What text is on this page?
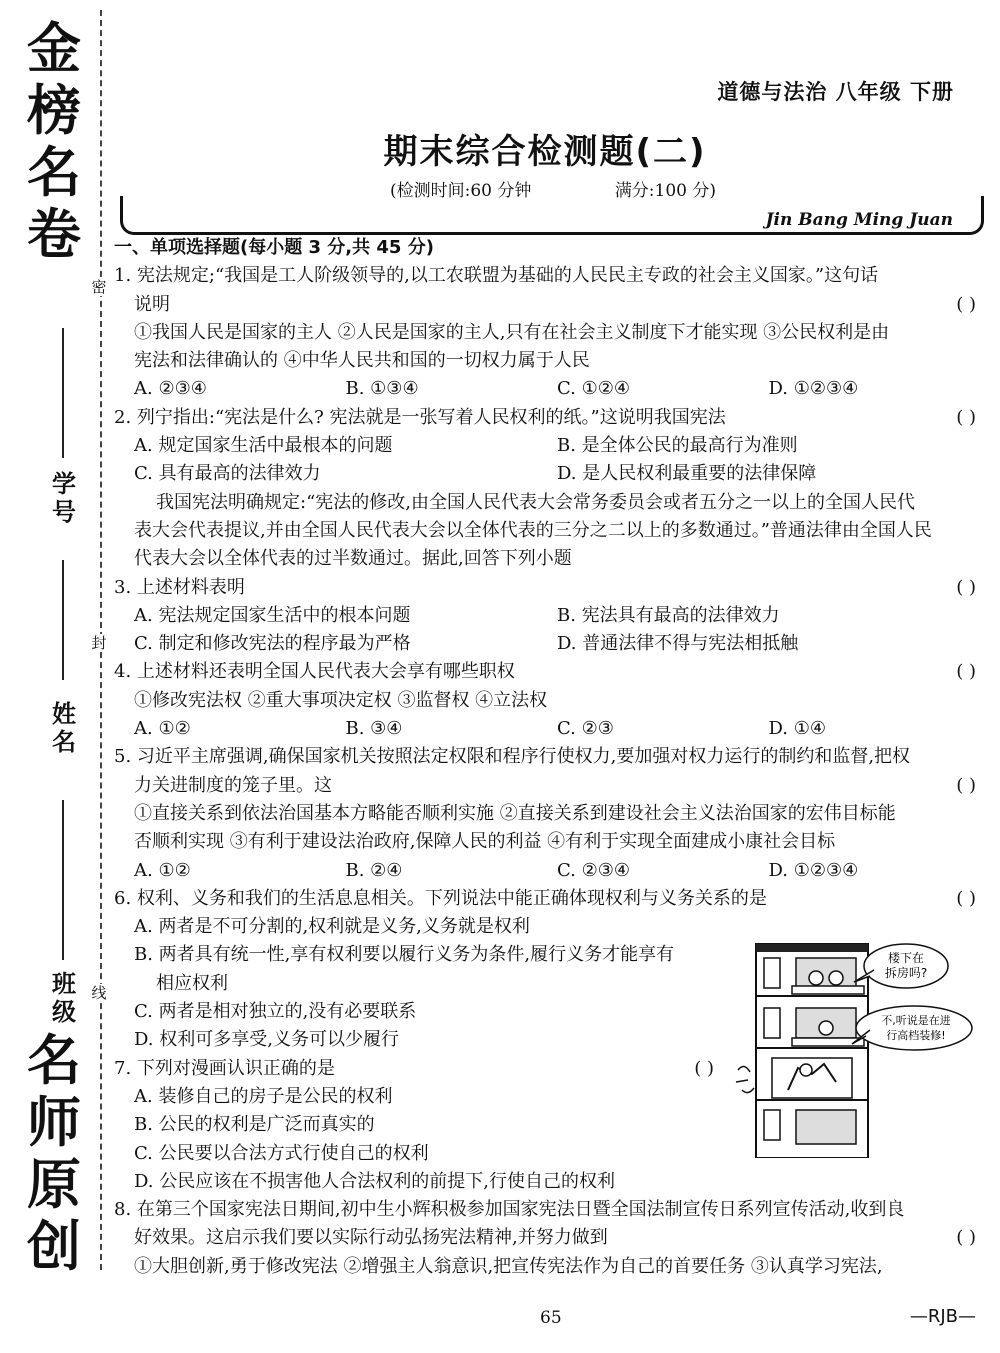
金
榜
名
卷
密
封
线
学
号
姓
名
班
级
名
师
原
创
道德与法治 八年级 下册
期末综合检测题(二)
(检测时间:60 分钟	满分:100 分)
Jin Bang Ming Juan
一、单项选择题(每小题 3 分,共 45 分)
1. 宪法规定;“我国是工人阶级领导的,以工农联盟为基础的人民民主专政的社会主义国家。”这句话
说明	( )
①我国人民是国家的主人 ②人民是国家的主人,只有在社会主义制度下才能实现 ③公民权利是由
宪法和法律确认的 ④中华人民共和国的一切权力属于人民
A. ②③④	B. ①③④	C. ①②④	D. ①②③④
2. 列宁指出:“宪法是什么? 宪法就是一张写着人民权利的纸。”这说明我国宪法	( )
A. 规定国家生活中最根本的问题	B. 是全体公民的最高行为准则
C. 具有最高的法律效力	D. 是人民权利最重要的法律保障
我国宪法明确规定:“宪法的修改,由全国人民代表大会常务委员会或者五分之一以上的全国人民代
表大会代表提议,并由全国人民代表大会以全体代表的三分之二以上的多数通过。”普通法律由全国人民
代表大会以全体代表的过半数通过。据此,回答下列小题
3. 上述材料表明	( )
A. 宪法规定国家生活中的根本问题	B. 宪法具有最高的法律效力
C. 制定和修改宪法的程序最为严格	D. 普通法律不得与宪法相抵触
4. 上述材料还表明全国人民代表大会享有哪些职权	( )
①修改宪法权 ②重大事项决定权 ③监督权 ④立法权
A. ①②	B. ③④	C. ②③	D. ①④
5. 习近平主席强调,确保国家机关按照法定权限和程序行使权力,要加强对权力运行的制约和监督,把权
力关进制度的笼子里。这	( )
①直接关系到依法治国基本方略能否顺利实施 ②直接关系到建设社会主义法治国家的宏伟目标能
否顺利实现 ③有利于建设法治政府,保障人民的利益 ④有利于实现全面建成小康社会目标
A. ①②	B. ②④	C. ②③④	D. ①②③④
6. 权利、义务和我们的生活息息相关。下列说法中能正确体现权利与义务关系的是	( )
A. 两者是不可分割的,权利就是义务,义务就是权利
B. 两者具有统一性,享有权利要以履行义务为条件,履行义务才能享有
相应权利
C. 两者是相对独立的,没有必要联系
D. 权利可多享受,义务可以少履行
7. 下列对漫画认识正确的是	( )
A. 装修自己的房子是公民的权利
B. 公民的权利是广泛而真实的
C. 公民要以合法方式行使自己的权利
D. 公民应该在不损害他人合法权利的前提下,行使自己的权利
8. 在第三个国家宪法日期间,初中生小辉积极参加国家宪法日暨全国法制宣传日系列宣传活动,收到良
好效果。这启示我们要以实际行动弘扬宪法精神,并努力做到	( )
①大胆创新,勇于修改宪法 ②增强主人翁意识,把宣传宪法作为自己的首要任务 ③认真学习宪法,
楼下在
拆房吗?
不,听说是在进
行高档装修!
65	—RJB—
